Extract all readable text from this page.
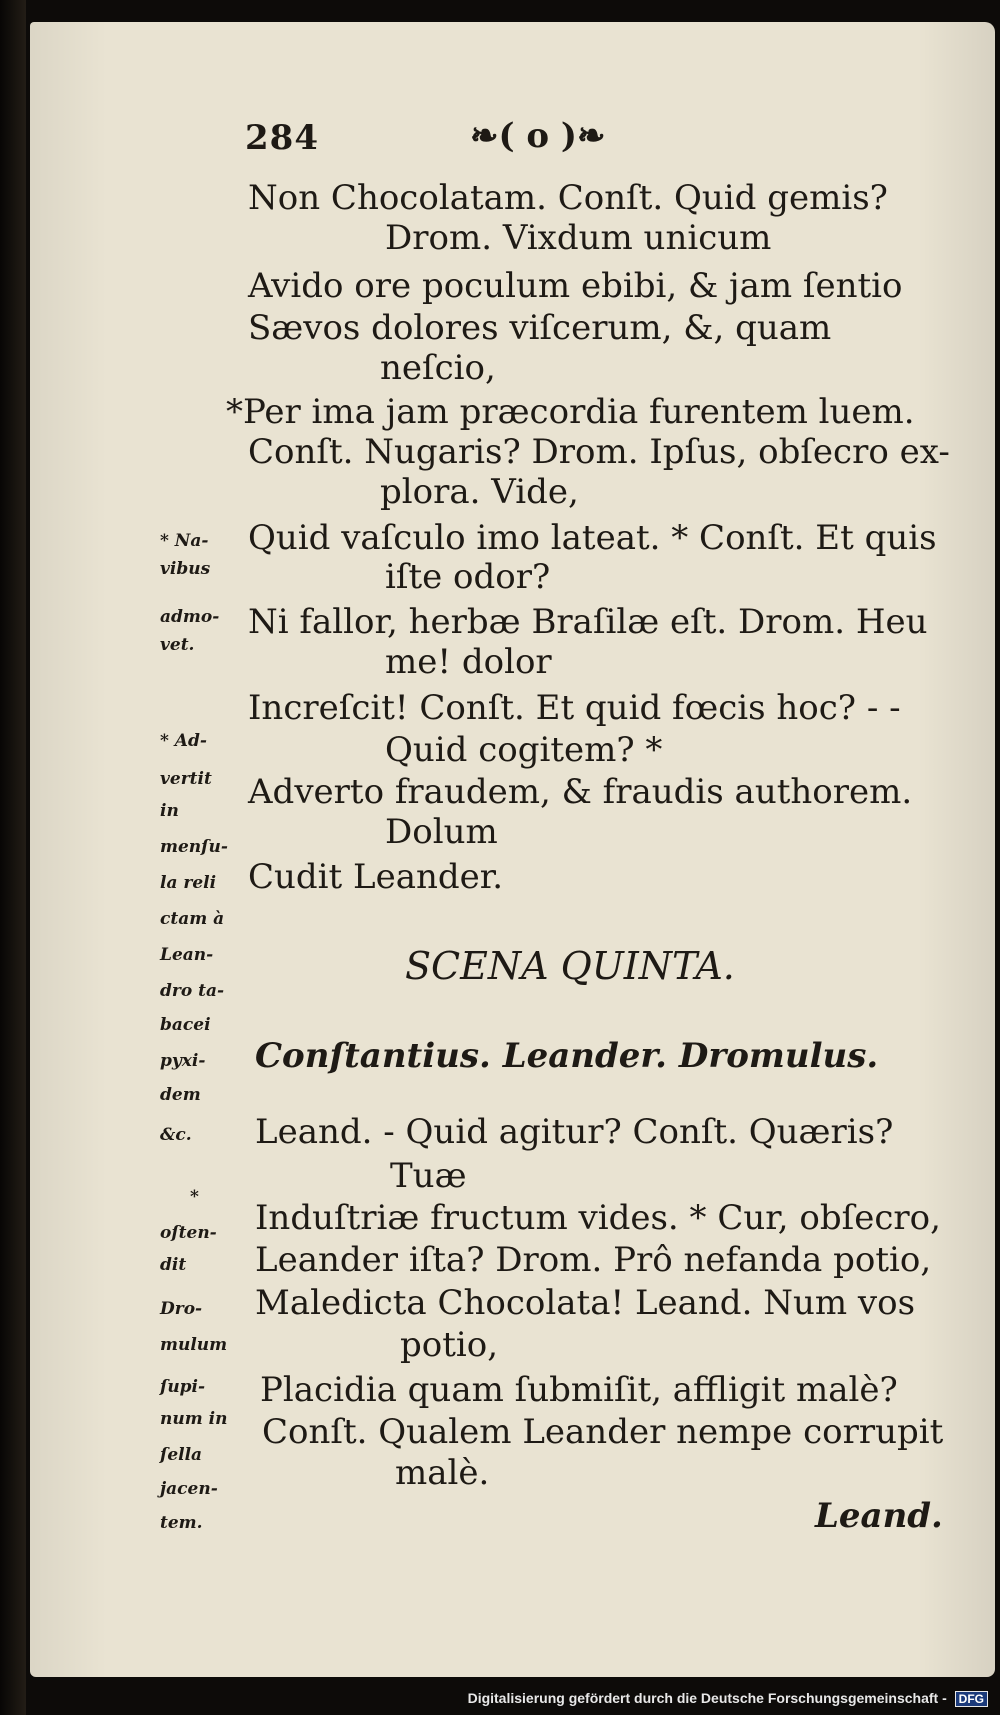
284	❧( o )❧
Non Chocolatam. Conſt. Quid gemis?
Drom. Vixdum unicum
Avido ore poculum ebibi, & jam ſentio
Sævos dolores viſcerum, &, quam
neſcio,
*Per ima jam præcordia furentem luem.
Conſt. Nugaris? Drom. Ipſus, obſecro ex-
plora. Vide,
Quid vaſculo imo lateat. * Conſt. Et quis
iſte odor?
Ni fallor, herbæ Braſilæ eſt. Drom. Heu
me! dolor
Increſcit! Conſt. Et quid fœcis hoc? - -
Quid cogitem? *
Adverto fraudem, & fraudis authorem.
Dolum
Cudit Leander.
SCENA QUINTA.
Conſtantius. Leander. Dromulus.
Leand. - Quid agitur? Conſt. Quæris?
Tuæ
Induſtriæ fructum vides. * Cur, obſecro,
Leander iſta? Drom. Prô nefanda potio,
Maledicta Chocolata! Leand. Num vos
potio,
Placidia quam ſubmiſit, affligit malè?
Conſt. Qualem Leander nempe corrupit
malè.
Leand.
* Na-
vibus
admo-
vet.
* Ad-
vertit
in
menſu-
la reli
ctam à
Lean-
dro ta-
bacei
pyxi-
dem
&c.
*
oſten-
dit
Dro-
mulum
ſupi-
num in
ſella
jacen-
tem.
Digitalisierung gefördert durch die Deutsche Forschungsgemeinschaft - DFG
